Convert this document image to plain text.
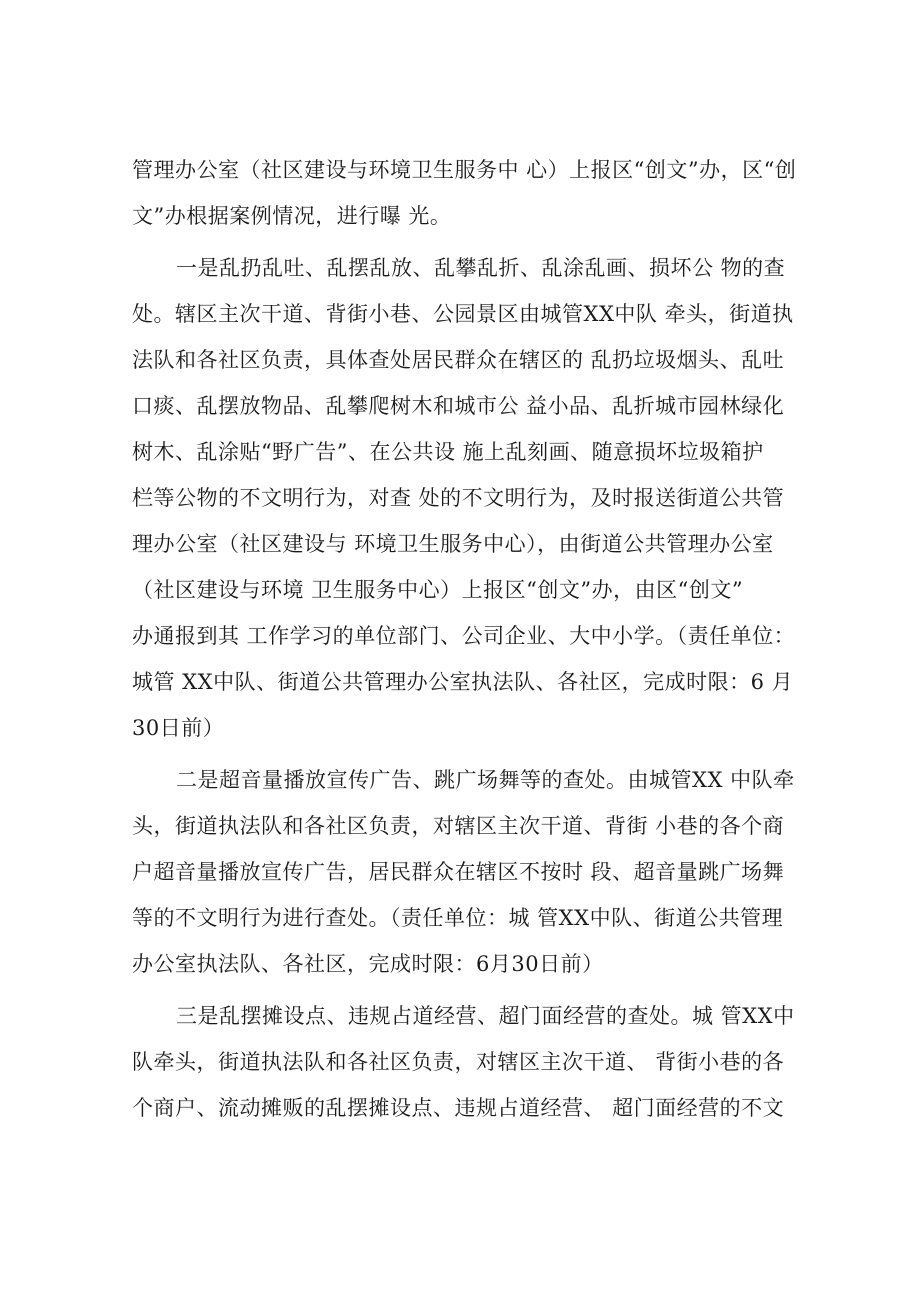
管理办公室（社区建设与环境卫生服务中 心）上报区“创文”办，区“创
文”办根据案例情况，进行曝 光。
一是乱扔乱吐、乱摆乱放、乱攀乱折、乱涂乱画、损坏公 物的查
处。辖区主次干道、背街小巷、公园景区由城管XX中队 牵头，街道执
法队和各社区负责，具体查处居民群众在辖区的 乱扔垃圾烟头、乱吐
口痰、乱摆放物品、乱攀爬树木和城市公 益小品、乱折城市园林绿化
树木、乱涂贴“野广告”、在公共设 施上乱刻画、随意损坏垃圾箱护
栏等公物的不文明行为，对查 处的不文明行为，及时报送街道公共管
理办公室（社区建设与 环境卫生服务中心），由街道公共管理办公室
（社区建设与环境 卫生服务中心）上报区“创文”办，由区“创文”
办通报到其 工作学习的单位部门、公司企业、大中小学。（责任单位：
城管 XX中队、街道公共管理办公室执法队、各社区，完成时限：6 月
30日前）
二是超音量播放宣传广告、跳广场舞等的查处。由城管XX 中队牵
头，街道执法队和各社区负责，对辖区主次干道、背街 小巷的各个商
户超音量播放宣传广告，居民群众在辖区不按时 段、超音量跳广场舞
等的不文明行为进行查处。（责任单位：城 管XX中队、街道公共管理
办公室执法队、各社区，完成时限：6月30日前）
三是乱摆摊设点、违规占道经营、超门面经营的查处。城 管XX中
队牵头，街道执法队和各社区负责，对辖区主次干道、 背街小巷的各
个商户、流动摊贩的乱摆摊设点、违规占道经营、 超门面经营的不文
